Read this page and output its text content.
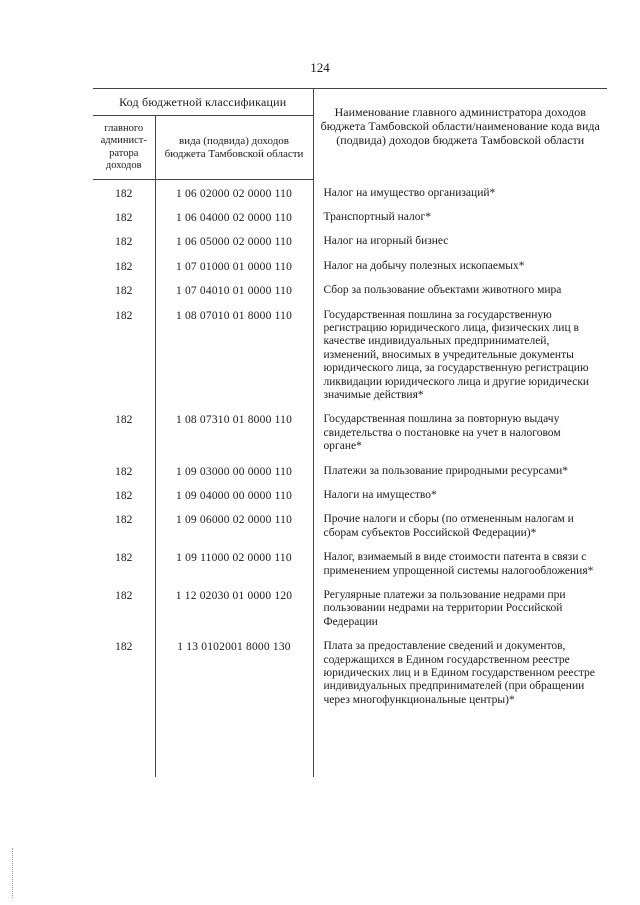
124
Код бюджетной классификации		Наименование главного администратора доходов бюджета Тамбовской области/наименование кода вида (подвида) доходов бюджета Тамбовской области
главного админист- ратора доходов	вида (подвида) доходов бюджета Тамбовской области	
182	1 06 02000 02 0000 110	Налог на имущество организаций*
182	1 06 04000 02 0000 110	Транспортный налог*
182	1 06 05000 02 0000 110	Налог на игорный бизнес
182	1 07 01000 01 0000 110	Налог на добычу полезных ископаемых*
182	1 07 04010 01 0000 110	Сбор за пользование объектами животного мира
182	1 08 07010 01 8000 110	Государственная пошлина за государственную регистрацию юридического лица, физических лиц в качестве индивидуальных предпринимателей, изменений, вносимых в учредительные документы юридического лица, за государственную регистрацию ликвидации юридического лица и другие юридически значимые действия*
182	1 08 07310 01 8000 110	Государственная пошлина за повторную выдачу свидетельства о постановке на учет в налоговом органе*
182	1 09 03000 00 0000 110	Платежи за пользование природными ресурсами*
182	1 09 04000 00 0000 110	Налоги на имущество*
182	1 09 06000 02 0000 110	Прочие налоги и сборы (по отмененным налогам и сборам субъектов Российской Федерации)*
182	1 09 11000 02 0000 110	Налог, взимаемый в виде стоимости патента в связи с применением упрощенной системы налогообложения*
182	1 12 02030 01 0000 120	Регулярные платежи за пользование недрами при пользовании недрами на территории Российской Федерации
182	1 13 0102001 8000 130	Плата за предоставление сведений и документов, содержащихся в Едином государственном реестре юридических лиц и в Едином государственном реестре индивидуальных предпринимателей (при обращении через многофункциональные центры)*
